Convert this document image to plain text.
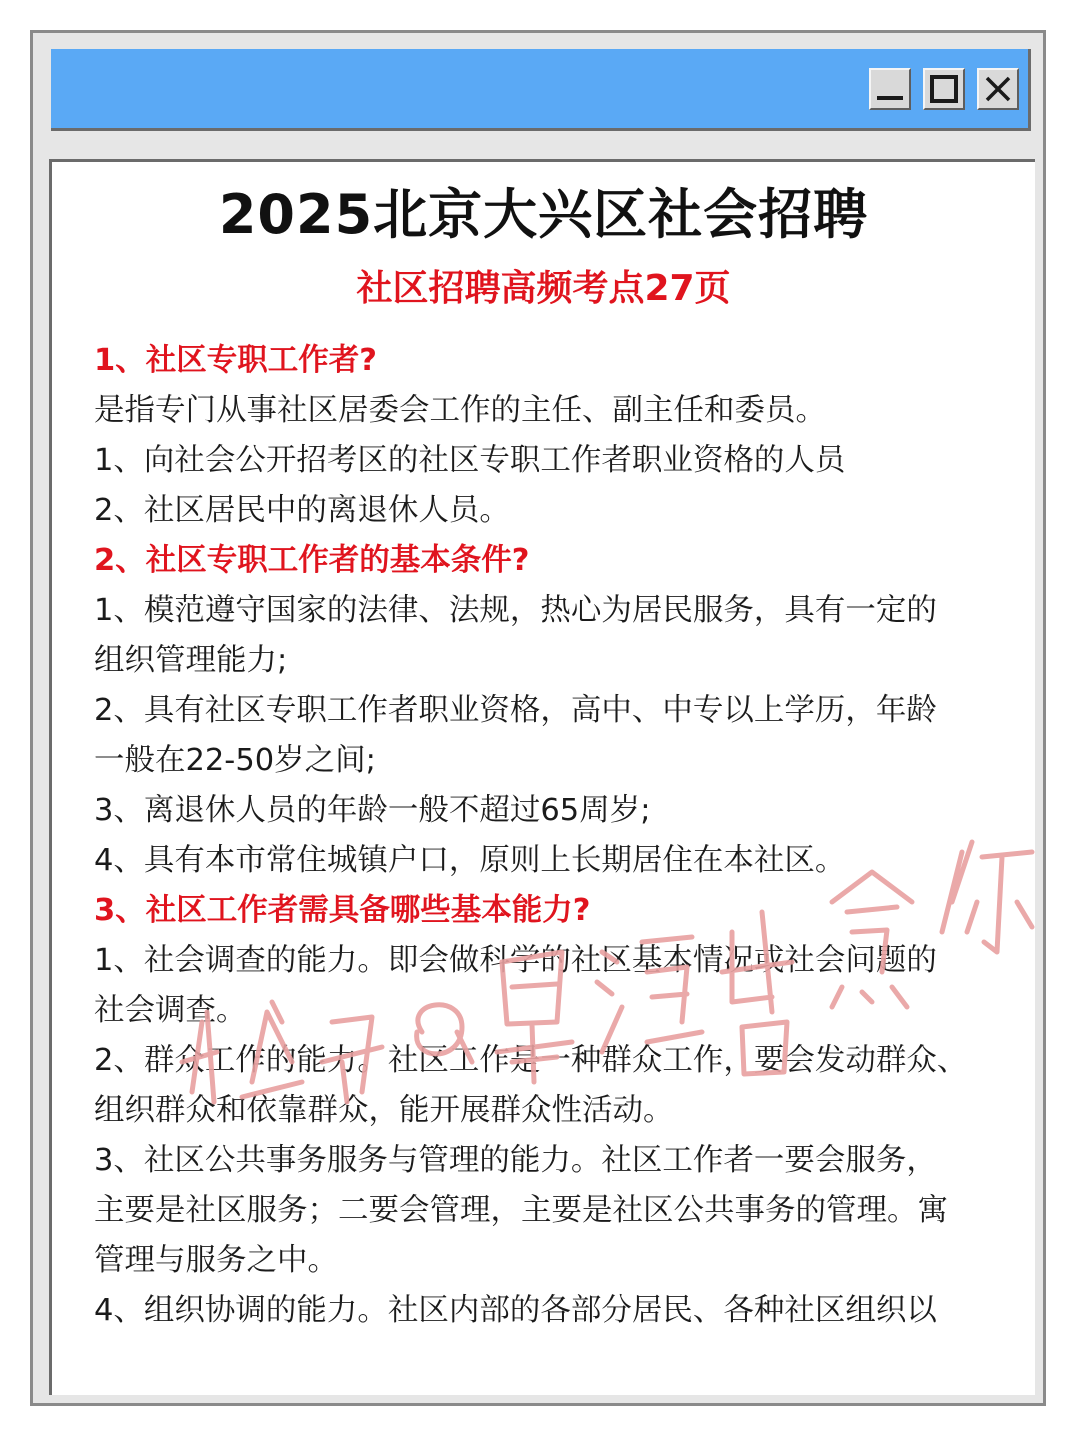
2025北京大兴区社会招聘
社区招聘高频考点27页

1、社区专职工作者?

是指专门从事社区居委会工作的主任、副主任和委员。

1、向社会公开招考区的社区专职工作者职业资格的人员

2、社区居民中的离退休人员。

2、社区专职工作者的基本条件?

1、模范遵守国家的法律、法规，热心为居民服务，具有一定的

组织管理能力;

2、具有社区专职工作者职业资格，高中、中专以上学历，年龄

一般在22-50岁之间;

3、离退休人员的年龄一般不超过65周岁;

4、具有本市常住城镇户口，原则上长期居住在本社区。

3、社区工作者需具备哪些基本能力?

1、社会调查的能力。即会做科学的社区基本情况或社会问题的

社会调查。

2、群众工作的能力。社区工作是一种群众工作，要会发动群众、

组织群众和依靠群众，能开展群众性活动。

3、社区公共事务服务与管理的能力。社区工作者一要会服务，

主要是社区服务；二要会管理，主要是社区公共事务的管理。寓

管理与服务之中。

4、组织协调的能力。社区内部的各部分居民、各种社区组织以
